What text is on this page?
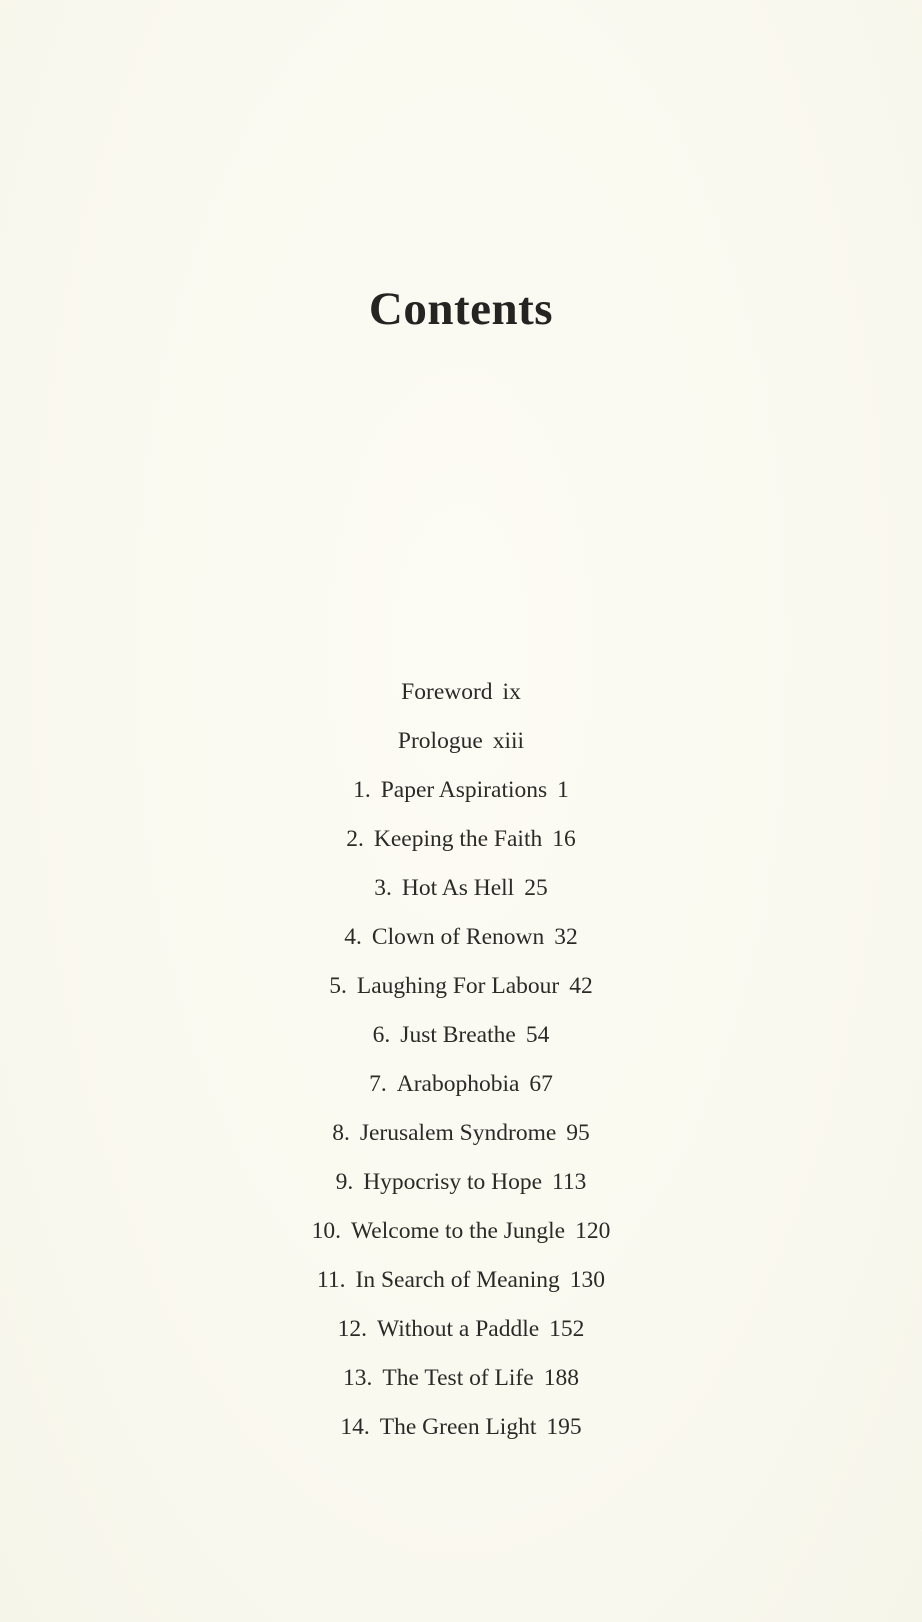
Contents
Foreword ix
Prologue xiii
1. Paper Aspirations 1
2. Keeping the Faith 16
3. Hot As Hell 25
4. Clown of Renown 32
5. Laughing For Labour 42
6. Just Breathe 54
7. Arabophobia 67
8. Jerusalem Syndrome 95
9. Hypocrisy to Hope 113
10. Welcome to the Jungle 120
11. In Search of Meaning 130
12. Without a Paddle 152
13. The Test of Life 188
14. The Green Light 195
